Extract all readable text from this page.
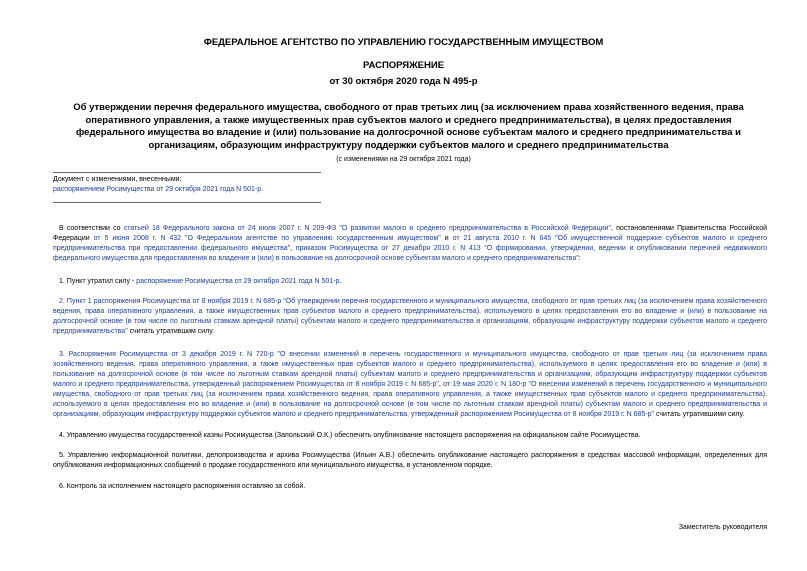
ФЕДЕРАЛЬНОЕ АГЕНТСТВО ПО УПРАВЛЕНИЮ ГОСУДАРСТВЕННЫМ ИМУЩЕСТВОМ
РАСПОРЯЖЕНИЕ
от 30 октября 2020 года N 495-р
Об утверждении перечня федерального имущества, свободного от прав третьих лиц (за исключением права хозяйственного ведения, права оперативного управления, а также имущественных прав субъектов малого и среднего предпринимательства), в целях предоставления федерального имущества во владение и (или) пользование на долгосрочной основе субъектам малого и среднего предпринимательства и организациям, образующим инфраструктуру поддержки субъектов малого и среднего предпринимательства
(с изменениями на 29 октября 2021 года)
Документ с изменениями, внесенными:
распоряжением Росимущества от 29 октября 2021 года N 501-р.
В соответствии со статьей 18 Федерального закона от 24 июля 2007 г. N 209-ФЗ "О развитии малого и среднего предпринимательства в Российской Федерации", постановлениями Правительства Российской Федерации от 5 июня 2008 г. N 432 "О Федеральном агентстве по управлению государственным имуществом" и от 21 августа 2010 г. N 645 "Об имущественной поддержке субъектов малого и среднего предпринимательства при предоставлении федерального имущества", приказом Росимущества от 27 декабря 2010 г. N 413 "О формировании, утверждении, ведении и опубликовании перечней недвижимого федерального имущества для предоставления во владение и (или) в пользование на долгосрочной основе субъектам малого и среднего предпринимательства":
1. Пункт утратил силу - распоряжение Росимущества от 29 октября 2021 года N 501-р.
2. Пункт 1 распоряжения Росимущества от 8 ноября 2019 г. N 685-р "Об утверждении перечня государственного и муниципального имущества, свободного от прав третьих лиц (за исключением права хозяйственного ведения, права оперативного управления, а также имущественных прав субъектов малого и среднего предпринимательства), используемого в целях предоставления его во владение и (или) в пользование на долгосрочной основе (в том числе по льготным ставкам арендной платы) субъектам малого и среднего предпринимательства и организациям, образующим инфраструктуру поддержки субъектов малого и среднего предпринимательства" считать утратившим силу.
3. Распоряжения Росимущества от 3 декабря 2019 г. N 720-р "О внесении изменений в перечень государственного и муниципального имущества, свободного от прав третьих лиц (за исключением права хозяйственного ведения, права оперативного управления, а также имущественных прав субъектов малого и среднего предпринимательства), используемого в целях предоставления его во владение и (или) в пользование на долгосрочной основе (в том числе по льготным ставкам арендной платы) субъектам малого и среднего предпринимательства и организациям, образующим инфраструктуру поддержки субъектов малого и среднего предпринимательства, утвержденный распоряжением Росимущества от 8 ноября 2019 г. N 685-р", от 19 мая 2020 г. N 180-р "О внесении изменений в перечень государственного и муниципального имущества, свободного от прав третьих лиц (за исключением права хозяйственного ведения, права оперативного управления, а также имущественных прав субъектов малого и среднего предпринимательства), используемого в целях предоставления его во владение и (или) в пользование на долгосрочной основе (в том числе по льготным ставкам арендной платы) субъектам малого и среднего предпринимательства и организациям, образующим инфраструктуру поддержки субъектов малого и среднего предпринимательства, утвержденный распоряжением Росимущества от 8 ноября 2019 г. N 685-р" считать утратившими силу.
4. Управлению имущества государственной казны Росимущества (Запольский О.К.) обеспечить опубликование настоящего распоряжения на официальном сайте Росимущества.
5. Управлению информационной политики, делопроизводства и архива Росимущества (Ильин А.В.) обеспечить опубликование настоящего распоряжения в средствах массовой информации, определенных для опубликования информационных сообщений о продаже государственного или муниципального имущества, в установленном порядке.
6. Контроль за исполнением настоящего распоряжения оставляю за собой.
Заместитель руководителя
